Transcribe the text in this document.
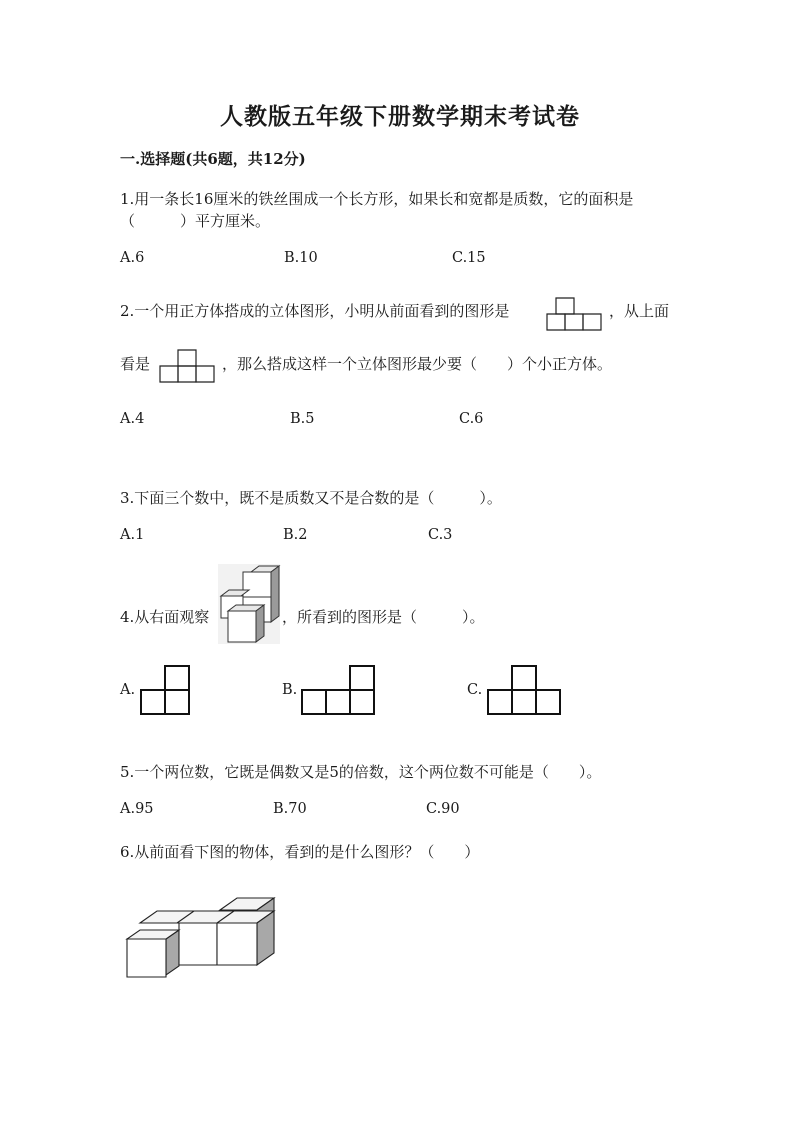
人教版五年级下册数学期末考试卷
一.选择题(共6题，共12分)
1.用一条长16厘米的铁丝围成一个长方形，如果长和宽都是质数，它的面积是
（　　　）平方厘米。
A.6	B.10	C.15
2.一个用正方体搭成的立体图形，小明从前面看到的图形是	，从上面
看是	，那么搭成这样一个立体图形最少要（　　）个小正方体。
A.4	B.5	C.6
3.下面三个数中，既不是质数又不是合数的是（　　　）。
A.1	B.2	C.3
4.从右面观察	，所看到的图形是（　　　）。
A.	B.	C.
5.一个两位数，它既是偶数又是5的倍数，这个两位数不可能是（　　）。
A.95	B.70	C.90
6.从前面看下图的物体，看到的是什么图形？（　　）
